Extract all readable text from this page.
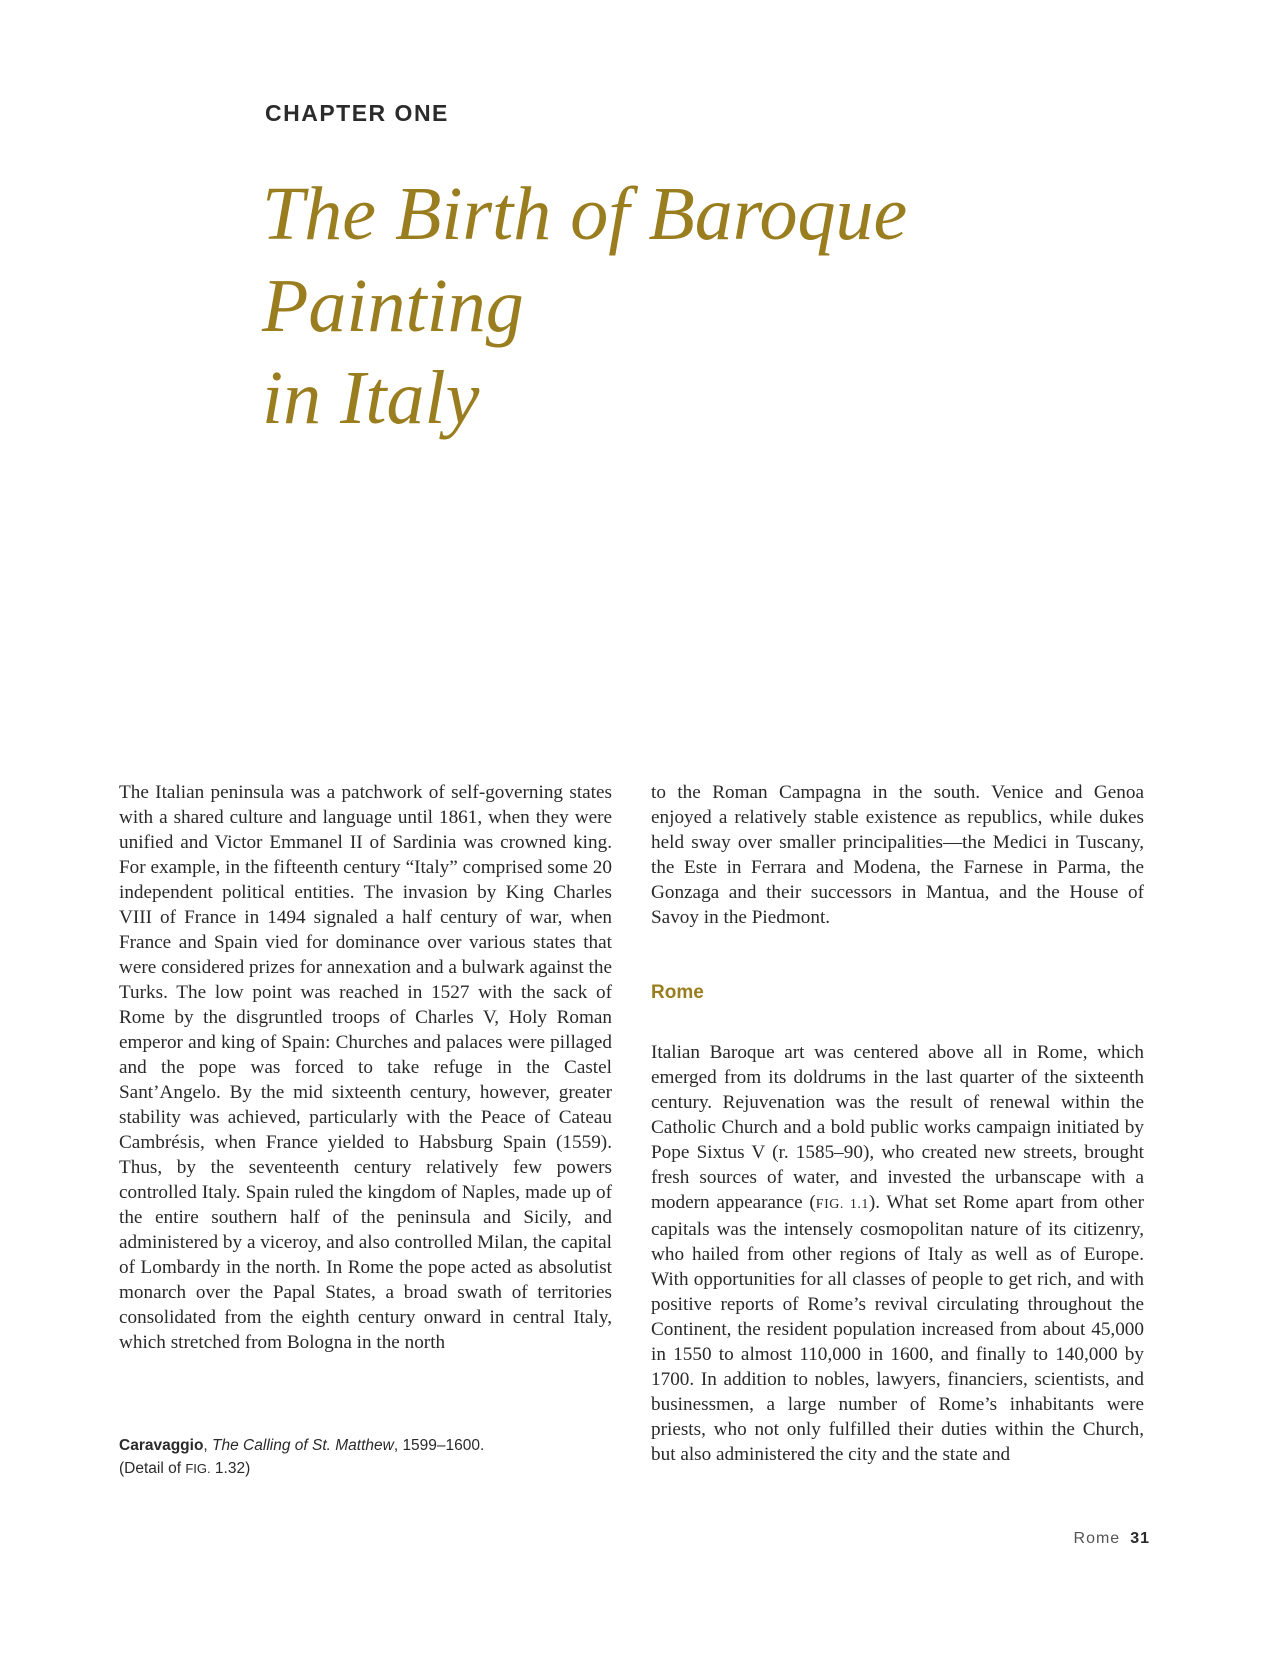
CHAPTER ONE
The Birth of Baroque Painting
in Italy

The Italian peninsula was a patchwork of self-governing states with a shared culture and language until 1861, when they were unified and Victor Emmanel II of Sardinia was crowned king. For example, in the fifteenth century “Italy” comprised some 20 independent political entities. The invasion by King Charles VIII of France in 1494 signaled a half century of war, when France and Spain vied for dominance over various states that were considered prizes for annexation and a bulwark against the Turks. The low point was reached in 1527 with the sack of Rome by the disgruntled troops of Charles V, Holy Roman emperor and king of Spain: Churches and palaces were pillaged and the pope was forced to take refuge in the Castel Sant’Angelo. By the mid sixteenth century, however, greater stability was achieved, particularly with the Peace of Cateau Cambrésis, when France yielded to Habsburg Spain (1559). Thus, by the seventeenth century relatively few powers controlled Italy. Spain ruled the kingdom of Naples, made up of the entire southern half of the peninsula and Sicily, and administered by a viceroy, and also controlled Milan, the capital of Lombardy in the north. In Rome the pope acted as absolutist monarch over the Papal States, a broad swath of territories consolidated from the eighth century onward in central Italy, which stretched from Bologna in the north

to the Roman Campagna in the south. Venice and Genoa enjoyed a relatively stable existence as republics, while dukes held sway over smaller principalities—the Medici in Tuscany, the Este in Ferrara and Modena, the Farnese in Parma, the Gonzaga and their successors in Mantua, and the House of Savoy in the Piedmont.

Rome

Italian Baroque art was centered above all in Rome, which emerged from its doldrums in the last quarter of the sixteenth century. Rejuvenation was the result of renewal within the Catholic Church and a bold public works campaign initiated by Pope Sixtus V (r. 1585–90), who created new streets, brought fresh sources of water, and invested the urbanscape with a modern appearance (FIG. 1.1). What set Rome apart from other capitals was the intensely cosmopolitan nature of its citizenry, who hailed from other regions of Italy as well as of Europe. With opportunities for all classes of people to get rich, and with positive reports of Rome’s revival circulating throughout the Continent, the resident population increased from about 45,000 in 1550 to almost 110,000 in 1600, and finally to 140,000 by 1700. In addition to nobles, lawyers, financiers, scientists, and businessmen, a large number of Rome’s inhabitants were priests, who not only fulfilled their duties within the Church, but also administered the city and the state and

Caravaggio, The Calling of St. Matthew, 1599–1600.
(Detail of FIG. 1.32)
Rome 31
